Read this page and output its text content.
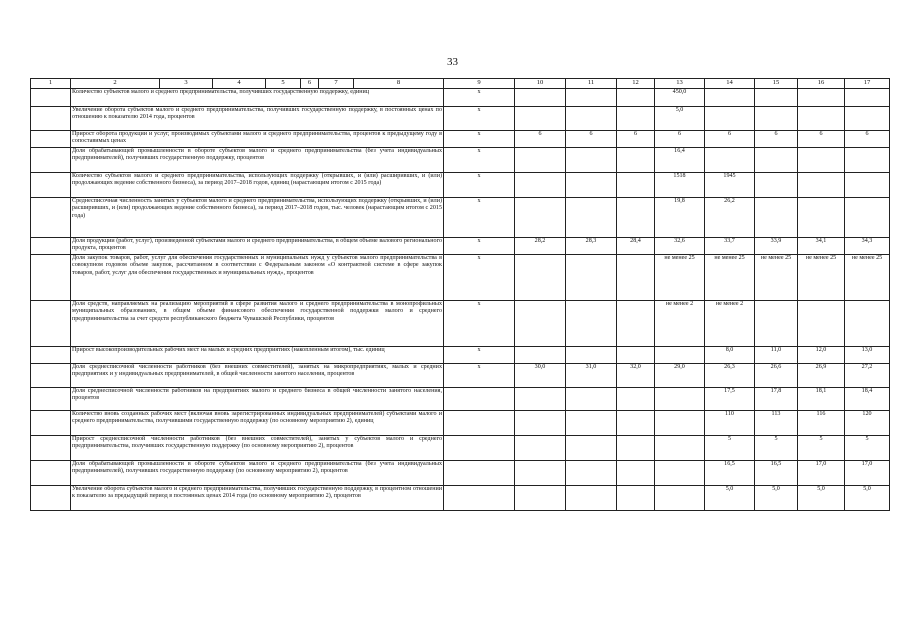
33
1	2	3	4	5	6	7	8	9	10	11	12	13	14	15	16	17
	Количество субъектов малого и среднего предпринимательства, получивших государственную поддержку, единиц							x				450,0				
	Увеличение оборота субъектов малого и среднего предпринимательства, получивших государственную поддержку, в постоянных ценах по отношению к показателю 2014 года, процентов							x				5,0				
	Прирост оборота продукции и услуг, производимых субъектами малого и среднего предпринимательства, процентов к предыдущему году в сопоставимых ценах							x	6	6	6	6	6	6	6	6
	Доля обрабатывающей промышленности в обороте субъектов малого и среднего предпринимательства (без учета индивидуальных предпринимателей), получивших государственную поддержку, процентов							x				16,4				
	Количество субъектов малого и среднего предпринимательства, использующих поддержку (открывших, и (или) расширивших, и (или) продолжающих ведение собственного бизнеса), за период 2017–2018 годов, единиц (нарастающим итогом с 2015 года)							x				1518	1945			
	Среднесписочная численность занятых у субъектов малого и среднего предпринимательства, использующих поддержку (открывших, и (или) расширивших, и (или) продолжающих ведение собственного бизнеса), за период 2017–2018 годов, тыс. человек (нарастающим итогом с 2015 года)							x				19,8	26,2			
	Доля продукции (работ, услуг), произведенной субъектами малого и среднего предпринимательства, в общем объеме валового регионального продукта, процентов							x	28,2	28,3	28,4	32,6	33,7	33,9	34,1	34,3
	Доля закупок товаров, работ, услуг для обеспечения государственных и муниципальных нужд у субъектов малого предпринимательства в совокупном годовом объеме закупок, рассчитанном в соответствии с Федеральным законом «О контрактной системе в сфере закупок товаров, работ, услуг для обеспечения государственных и муниципальных нужд», процентов							x				не менее 25	не менее 25	не менее 25	не менее 25	не менее 25
	Доля средств, направляемых на реализацию мероприятий в сфере развития малого и среднего предпринимательства в монопрофильных муниципальных образованиях, в общем объеме финансового обеспечения государственной поддержки малого и среднего предпринимательства за счет средств республиканского бюджета Чувашской Республики, процентов							x				не менее 2	не менее 2			
	Прирост высокопроизводительных рабочих мест на малых и средних предприятиях (накопленным итогом), тыс. единиц							x					8,0	11,0	12,0	13,0
	Доля среднесписочной численности работников (без внешних совместителей), занятых на микропредприятиях, малых и средних предприятиях и у индивидуальных предпринимателей, в общей численности занятого населения, процентов							x	30,0	31,0	32,0	29,0	26,3	26,6	26,9	27,2
	Доля среднесписочной численности работников на предприятиях малого и среднего бизнеса в общей численности занятого населения, процентов												17,5	17,8	18,1	18,4
	Количество вновь созданных рабочих мест (включая вновь зарегистрированных индивидуальных предпринимателей) субъектами малого и среднего предпринимательства, получившими государственную поддержку (по основному мероприятию 2), единиц												110	113	116	120
	Прирост среднесписочной численности работников (без внешних совместителей), занятых у субъектов малого и среднего предпринимательства, получивших государственную поддержку (по основному мероприятию 2), процентов												5	5	5	5
	Доля обрабатывающей промышленности в обороте субъектов малого и среднего предпринимательства (без учета индивидуальных предпринимателей), получивших государственную поддержку (по основному мероприятию 2), процентов												16,5	16,5	17,0	17,0
	Увеличение оборота субъектов малого и среднего предпринимательства, получивших государственную поддержку, в процентном отношении к показателю за предыдущий период в постоянных ценах 2014 года (по основному мероприятию 2), процентов												5,0	5,0	5,0	5,0
